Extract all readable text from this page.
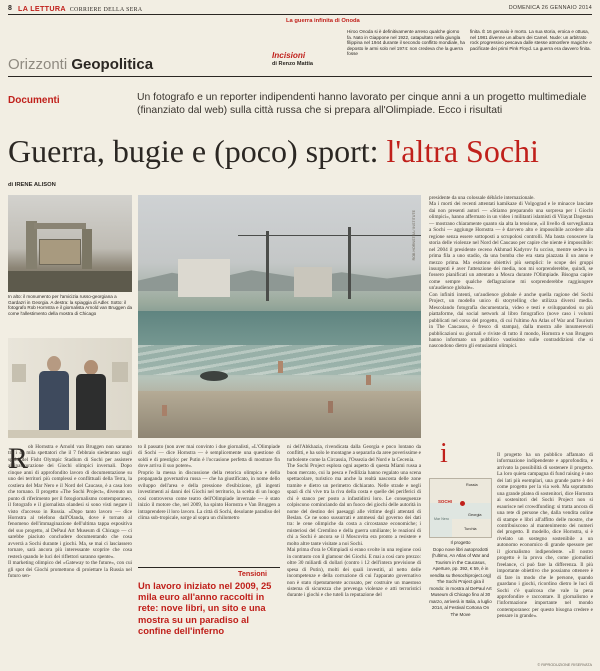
8 LA LETTURA CORRIERE DELLA SERA	DOMENICA 26 GENNAIO 2014
La guerra infinita di Onoda
Incisioni
di Renzo Mattia
Hiroo Onoda si è definitivamente arreso qualche giorno fa. Nato in Giappone nel 1922, catapultato nella giungla filippina nel 1944 durante il secondo conflitto mondiale, ha deposto le armi solo nel 1974: non credeva che la guerra fosse
finita. È 16 gennaio è morto. La sua storia, eroica e ottusa, nel 1981 divenne un album dei Camel. Nude: un arbitrato rock progressivo pescava dalle stesse atmosfere magiche e pacificate dei primi Pink Floyd. La guerra era davvero finita.
Orizzonti Geopolitica
Documenti	Un fotografo e un reporter indipendenti hanno lavorato per cinque anni a un progetto multimediale (finanziato dal web) sulla città russa che si prepara all'Olimpiade. Ecco i risultati
Guerra, bugie e (poco) sport: l'altra Sochi
di IRENE ALISON
In alto: il monumento per l'amicizia russo-georgiana a Gardazri in Georgia. A destra: la spiaggia di Adler. Sotto: il fotografo Rob Hornstra e il giornalista Arnold van Bruggen da come l'allestimento della mostra di Chicago
ROB HORNSTRA / INSTITUTE
presidente da una colossale débâcle internazionale.
Ma i morti dei recenti attentati kamikaze di Volgograd e le minacce lanciate dai non presenti autori — «Stiamo preparando una sorpresa per i Giochi olimpici», hanno affermato in un video i militanti islamisti di Vilayat Dagestan — mostrano chiaramente quanto sia alta la tensione, «il livello di sorveglianza a Sochi — aggiunge Hornstra — è davvero alto e impossibile accedere alla regione senza essere sottoposti a scrupolosi controlli. Ma basta conoscere la storia delle violenze nel Nord del Caucaso per capire che niente è impossibile: nel 2004 il presidente ceceno Akhmad Kadyrov fu ucciso, mentre sedeva in prima fila a uno stadio, da una bomba che era stata piazzata il un anno e mezzo prima. Ma esistono obiettivi più semplici: le scope dei gruppi insurgenti è aver l'attenzione dei media, non mi sorprenderebbe, quindi, se fossero pianificati un attentato a Mosca durante l'Olimpiade. Bisogna capire come sempre qualche deflagrazione mi sorprenderebbe raggiungere un'audience globale».
Con infiniti intenti, un'audience globale è anche quella ragione del Sochi Project, un modello unico di storytelling che utilizza diversi media. Mescolando fotografia documentaria, video e testi e sviluppandosi su più piattaforme, dai social network al libro fotografico (nove caso i volumi pubblicati nel corso del progetto, di cui l'ultimo An Atlas of War and Tourism in The Caucasus, è fresco di stampa), dalla mostra alle innumerevoli pubblicazioni su giornali e riviste di tutto il mondo, Hornstra e van Bruggen hanno informato un pubblico vastissimo sulle contraddizioni che si nascondono dietro gli entusiasmi olimpici.
R ob Hornstra e Arnold van Bruggen non saranno tra i 40 mila spettatori che il 7 febbraio siederanno sugli spalti del Fisht Olympic Stadium di Sochi per assistere all'inaugurazione dei Giochi olimpici invernali. Dopo cinque anni di approfondito lavoro di documentazione su uno dei territori più complessi e conflittuali della Terra, la costiera del Mar Nero e il Nord del Caucaso, è a casa loro che tornano. Il progetto «The Sochi Project», divenuto un punto di riferimento per il fotogiornalismo contemporaneo, il fotografo e il giornalista olandesi si sono visti negare il visto d'accesso in Russia. «Dopo tanto lavoro — dice Hornstra al telefono dall'Olanda, dove è tornato al fenomeno dell'immaginazione dell'ultima tappa espositiva del suo progetto, al DePaul Art Museum di Chicago — ci sarebbe piaciuto concludere documentando che cosa avverrà a Sochi durante i giochi. Ma, se mai ci lasciassero tornare, sarà ancora più interessante scoprire che cosa resterà quando le luci dei riflettori saranno spente».
Il marketing olimpico del «Gateway to the future», con cui gli spot dei Giochi promettono di proiettare la Russia nel futuro sen-
to il passato (non aver mai convinto i due giornalisti, «L'Olimpiade di Sochi — dice Hornstra — è semplicemente una questione di soldi e di prestigio: per Putin è l'occasione perfetta di mostrare fin dove arriva il suo potere».
Proprio la messa in discussione della retorica olimpica e della propaganda governativa russa — che ha giustificato, in nome dello sviluppo dell'area e della pressione d'esibizione, gli ingenti investimenti ai danni dei Giochi nel territorio, la scelta di un luogo così controverso come teatro dell'Olimpiade invernale — è stato inizio il motore che, nel 2009, ha spinto Hornstra e Van Bruggen a intraprendere il loro lavoro. La città di Sochi, desolante paradiso del clima sub-tropicale, sorge al sopra un chilometro
ni dell'Abkhazia, rivendicata dalla Georgia e poco lontano da conflitti, e ha solo le montagne a separarla da aree poverissime e turbolente come la Circassia, l'Ossezia del Nord e la Cecenia.
The Sochi Project esplora ogni aspetto di questa Miami russa a buon mercato, cui la pesca e l'edilizia hanno regalato una scena spettacolare, turistico ma anche la realtà nascosta delle zone tramite e dietro un perimetro dichiarato. Nelle strade e negli spazi di chi vive tra la riva della costa e quelle dei periferici di chi è stanco per posto a infastidirsi loro. Le conseguenze colpiscono cominciando dal un fuoco dei giochi delle autorità in nome del destino dei paesaggi alle vittime degli attentati di Beslan. Ce ne sono sussurrati e ammessi dal governo dei dati tra: le cene olimpiche da costa a circostanze economiche; i misteriosi del Cremlino e della guerra umiliante; le reazioni di chi a Sochi è ancora se il Moscovita era pronto a resistere e molto altre tante visitate a noi Sochi.
Mai prima d'ora le Olimpiadi si erano svolte in una regione così in contrasto con il glamour dei Giochi. E mai a così caro prezzo: oltre 30 miliardi di dollari (contro i 12 dell'intera previsione di spesa di Putin), molti dei quali investiti, al netto delle incompetenze e della corruzione di cui l'apparato governativo non è stato ripetutamente accusato, per costruire un maestoso sistema di sicurezza che prevenga violenze e atti terroristici durante i giochi e che tuteli la reputazione del
Tensioni
Un lavoro iniziato nel 2009, 25 mila euro all'anno raccolti in rete: nove libri, un sito e una mostra su un paradiso al confine dell'inferno
i
SOCHI
Russia
Georgia
Turchia
Mar Nero
Il progetto
Dopo nove libri autoprodotti (l'ultimo, An Atlas of War and Tourism in the Caucasus, Aperture, pp. 392, € 59, è in vendita su thesochiproject.org) The Sochi Project gira il mondo: in mostra al DePaul Art Museum di Chicago fino al 30 marzo, arriverà in Italia, a luglio 2014, al Festival Cortona On The Move
Il progetto ha un pubblico affamato di informazione indipendente e approfondita, e arrivato la possibilità di sostenere il progetto. La loro quieta campagna di fund raising è uno dei lati più esemplari, una grande parte è dei come progetto per la via web. Ma soprattutto una grande platea di sostenitori, dice Hornstra ai sostenitori del Sochi Project non si esaurisce nel crowdfunding: si tratta ancora di una rete di persone che, dalla vendita online di stampe e libri all'affitto delle mostre, che contribuiscono al mantenimento dei numeri del progetto. Il modello, dice Hornstra, si è rivelato un sostegno sostenibile a un autonomo economico di grande spessore per il giornalismo indipendente. «Il nostro progetto è la prova che, come giornalisti freelance, ci può fare la differenza. Il più importante obiettivo che possiamo ottenere è di fare in modo che le persone, quando guardano i giochi, ricordino dietro le luci di Sochi c'è qualcosa che vale la pena approfondire e raccontare. Il giornalismo e l'informazione importante nel mondo contemporaneo: per questo bisogna credere e pensare in grande».
© RIPRODUZIONE RISERVATA
